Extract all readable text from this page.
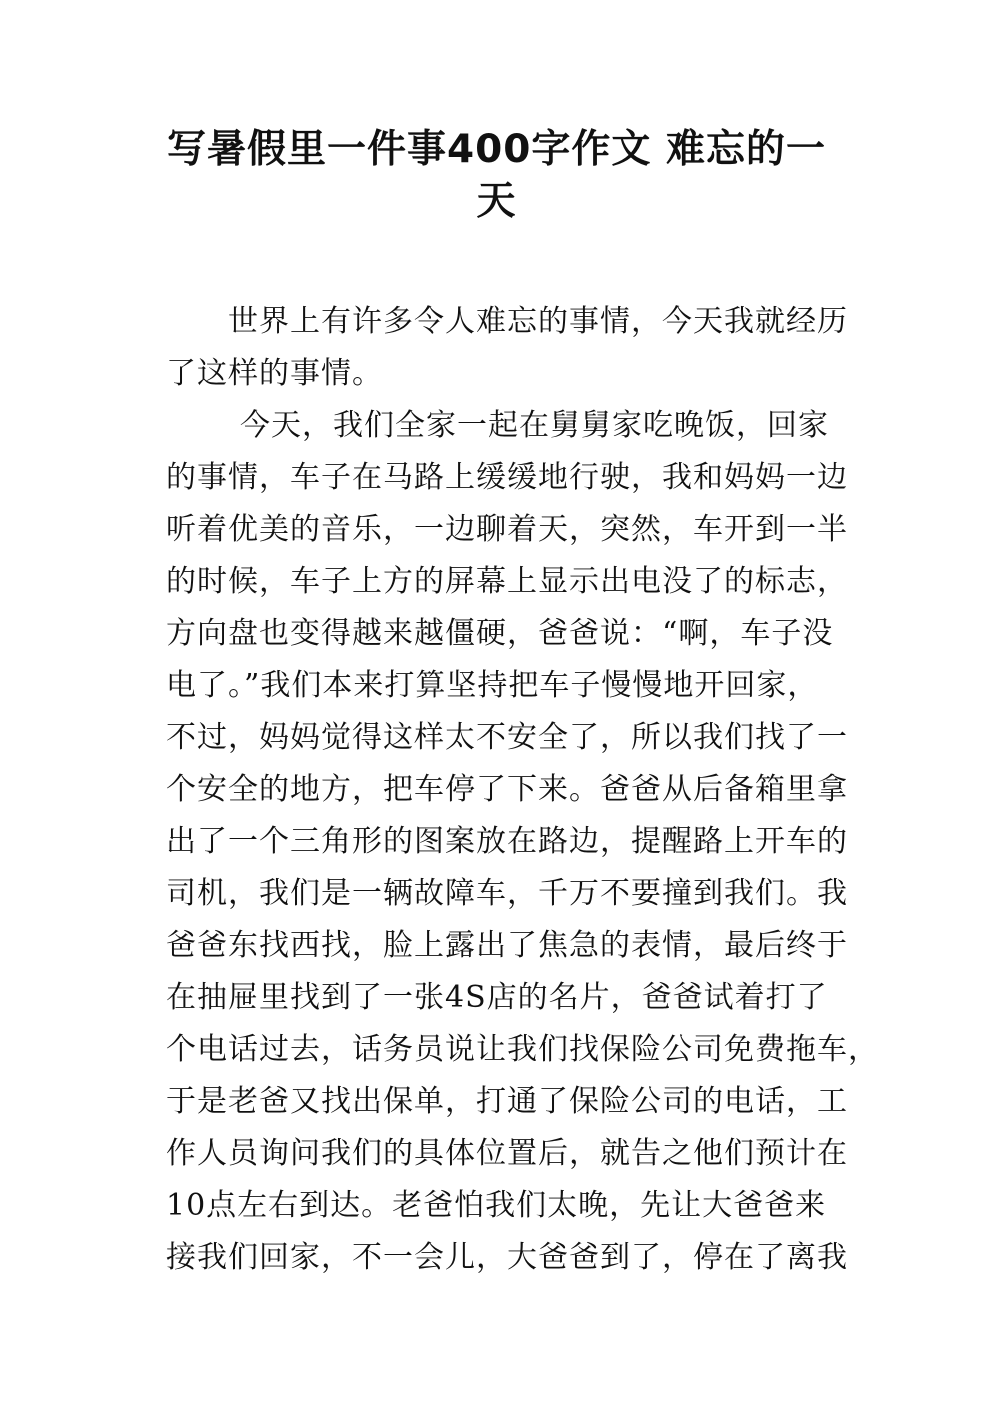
写暑假里一件事400字作文 难忘的一
天

世界上有许多令人难忘的事情，今天我就经历

了这样的事情。

今天，我们全家一起在舅舅家吃晚饭，回家

的事情，车子在马路上缓缓地行驶，我和妈妈一边

听着优美的音乐，一边聊着天，突然，车开到一半

的时候，车子上方的屏幕上显示出电没了的标志，

方向盘也变得越来越僵硬，爸爸说：“啊，车子没

电了。”我们本来打算坚持把车子慢慢地开回家，

不过，妈妈觉得这样太不安全了，所以我们找了一

个安全的地方，把车停了下来。爸爸从后备箱里拿

出了一个三角形的图案放在路边，提醒路上开车的

司机，我们是一辆故障车，千万不要撞到我们。我

爸爸东找西找，脸上露出了焦急的表情，最后终于

在抽屉里找到了一张4S店的名片，爸爸试着打了

个电话过去，话务员说让我们找保险公司免费拖车，

于是老爸又找出保单，打通了保险公司的电话，工

作人员询问我们的具体位置后，就告之他们预计在

10点左右到达。老爸怕我们太晚，先让大爸爸来

接我们回家，不一会儿，大爸爸到了，停在了离我
